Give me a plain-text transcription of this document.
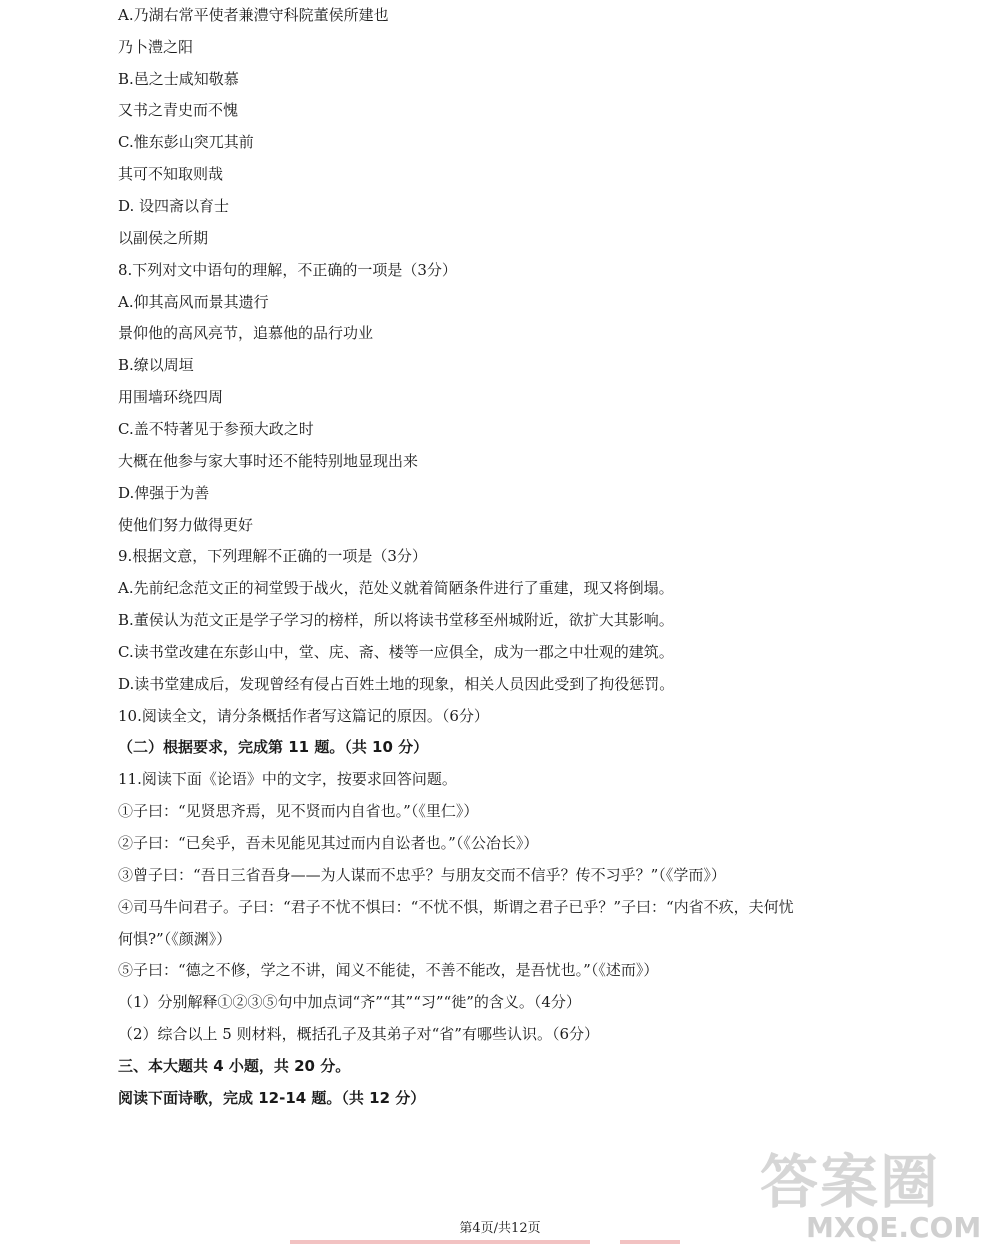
A.乃湖右常平使者兼澧守科院董侯所建也
乃卜澧之阳
B.邑之士咸知敬慕
又书之青史而不愧
C.惟东彭山突兀其前
其可不知取则哉
D. 设四斋以育士
以副侯之所期
8.下列对文中语句的理解，不正确的一项是（3分）
A.仰其高风而景其遗行
景仰他的高风亮节，追慕他的品行功业
B.缭以周垣
用围墙环绕四周
C.盖不特著见于参预大政之时
大概在他参与家大事时还不能特别地显现出来
D.俾强于为善
使他们努力做得更好
9.根据文意，下列理解不正确的一项是（3分）
A.先前纪念范文正的祠堂毁于战火，范处义就着简陋条件进行了重建，现又将倒塌。
B.董侯认为范文正是学子学习的榜样，所以将读书堂移至州城附近，欲扩大其影响。
C.读书堂改建在东彭山中，堂、庑、斋、楼等一应俱全，成为一郡之中壮观的建筑。
D.读书堂建成后，发现曾经有侵占百姓土地的现象，相关人员因此受到了拘役惩罚。
10.阅读全文，请分条概括作者写这篇记的原因。（6分）
（二）根据要求，完成第 11 题。（共 10 分）
11.阅读下面《论语》中的文字，按要求回答问题。
①子曰：“见贤思齐焉，见不贤而内自省也。”（《里仁》）
②子曰：“已矣乎，吾未见能见其过而内自讼者也。”（《公冶长》）
③曾子曰：“吾日三省吾身——为人谋而不忠乎？与朋友交而不信乎？传不习乎？”（《学而》）
④司马牛问君子。子曰：“君子不忧不惧曰：“不忧不惧，斯谓之君子已乎？”子曰：“内省不疚，夫何忧
何惧?”（《颜渊》）
⑤子曰：“德之不修，学之不讲，闻义不能徒，不善不能改，是吾忧也。”（《述而》）
（1）分别解释①②③⑤句中加点词“齐”“其”“习”“徙”的含义。（4分）
（2）综合以上 5 则材料，概括孔子及其弟子对“省”有哪些认识。（6分）
三、本大题共 4 小题，共 20 分。
阅读下面诗歌，完成 12-14 题。（共 12 分）
答案圈
MXQE.COM
第4页/共12页
